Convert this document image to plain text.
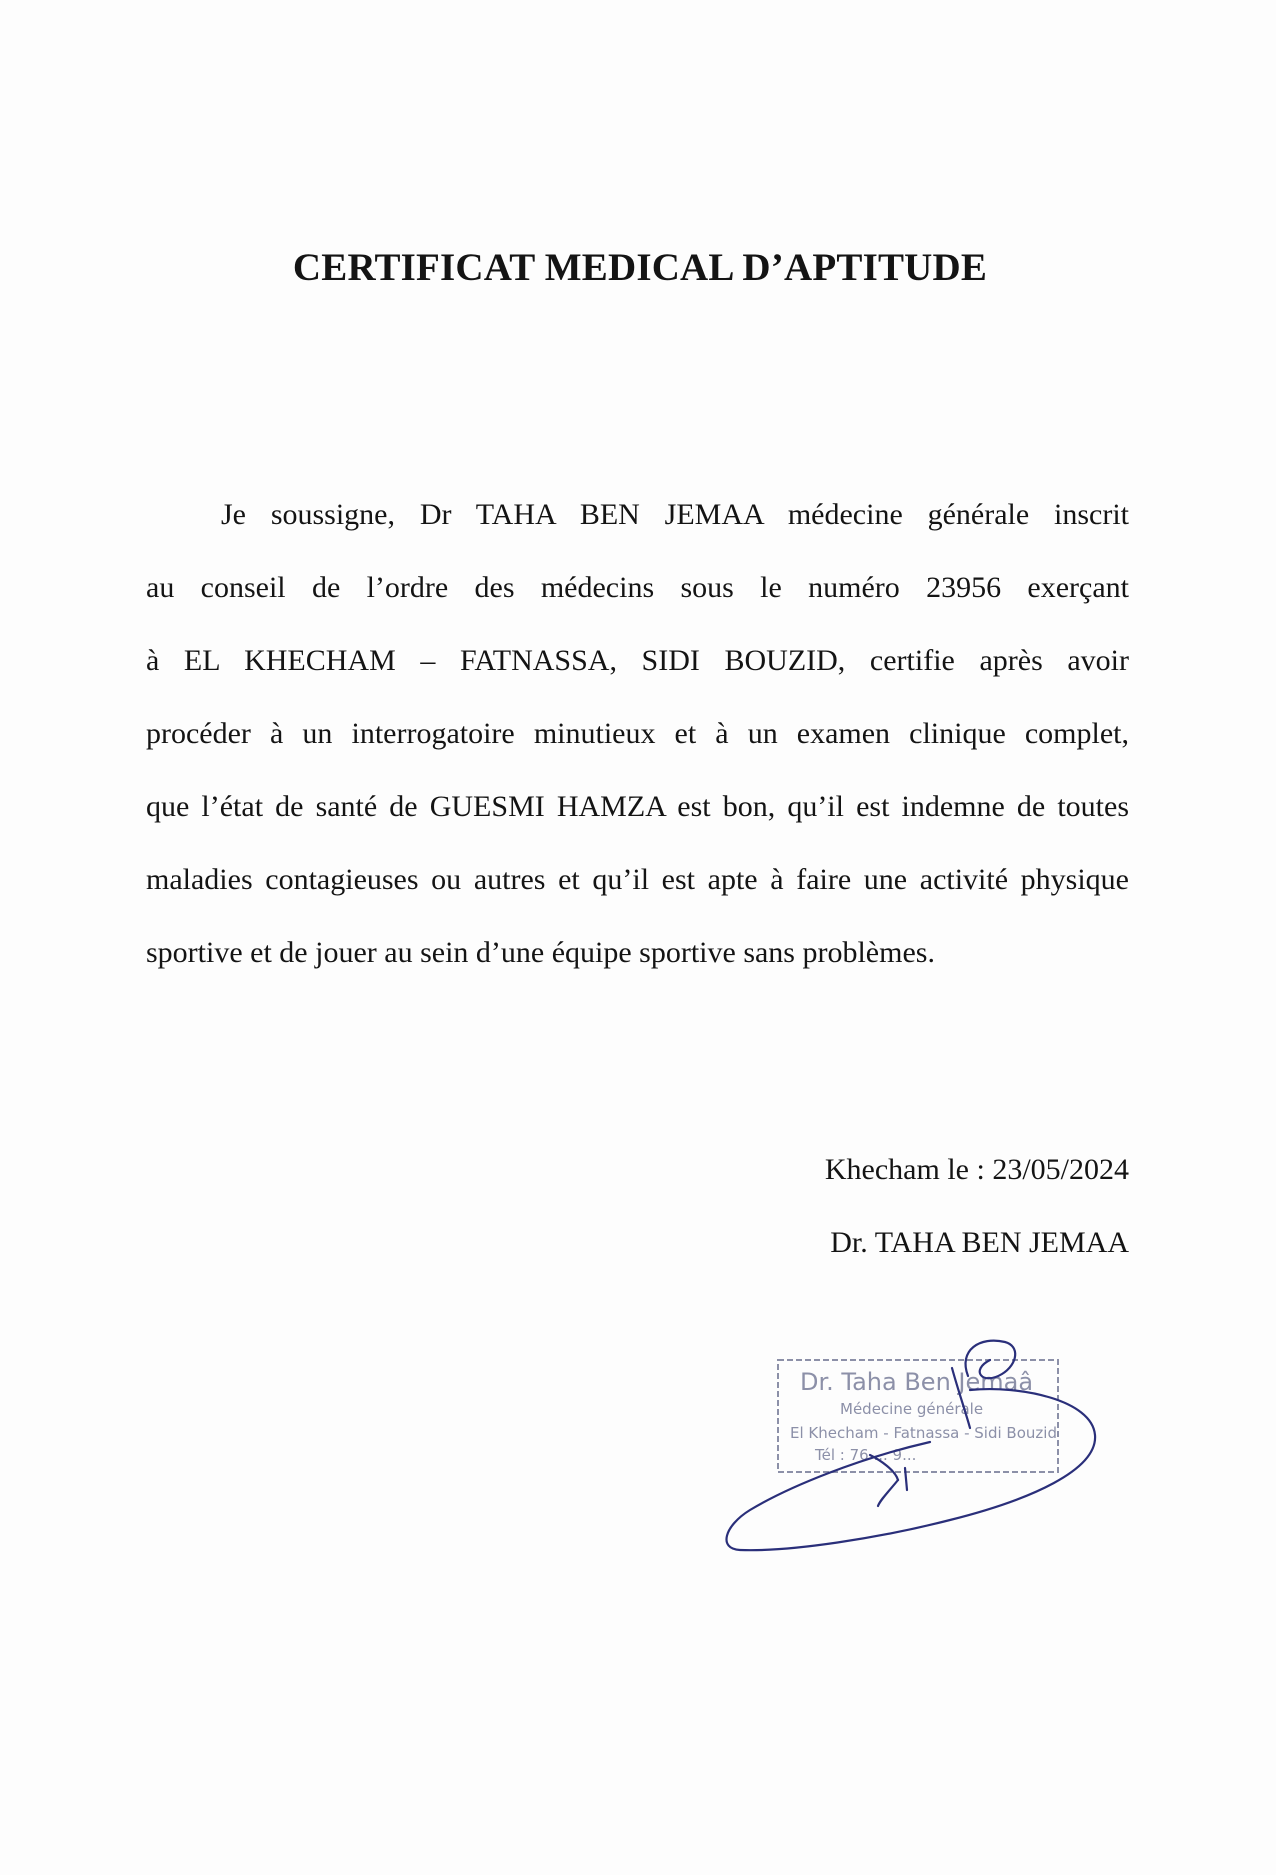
CERTIFICAT MEDICAL D’APTITUDE
Je soussigne, Dr TAHA BEN JEMAA médecine générale inscrit
au conseil de l’ordre des médecins sous le numéro 23956 exerçant
à EL KHECHAM – FATNASSA, SIDI BOUZID, certifie après avoir
procéder à un interrogatoire minutieux et à un examen clinique complet,
que l’état de santé de GUESMI HAMZA est bon, qu’il est indemne de toutes
maladies contagieuses ou autres et qu’il est apte à faire une activité physique
sportive et de jouer au sein d’une équipe sportive sans problèmes.
Khecham le : 23/05/2024
Dr. TAHA BEN JEMAA
Dr. Taha Ben Jemaâ
Médecine générale
El Khecham - Fatnassa - Sidi Bouzid
Tél : 76 ... 9...
